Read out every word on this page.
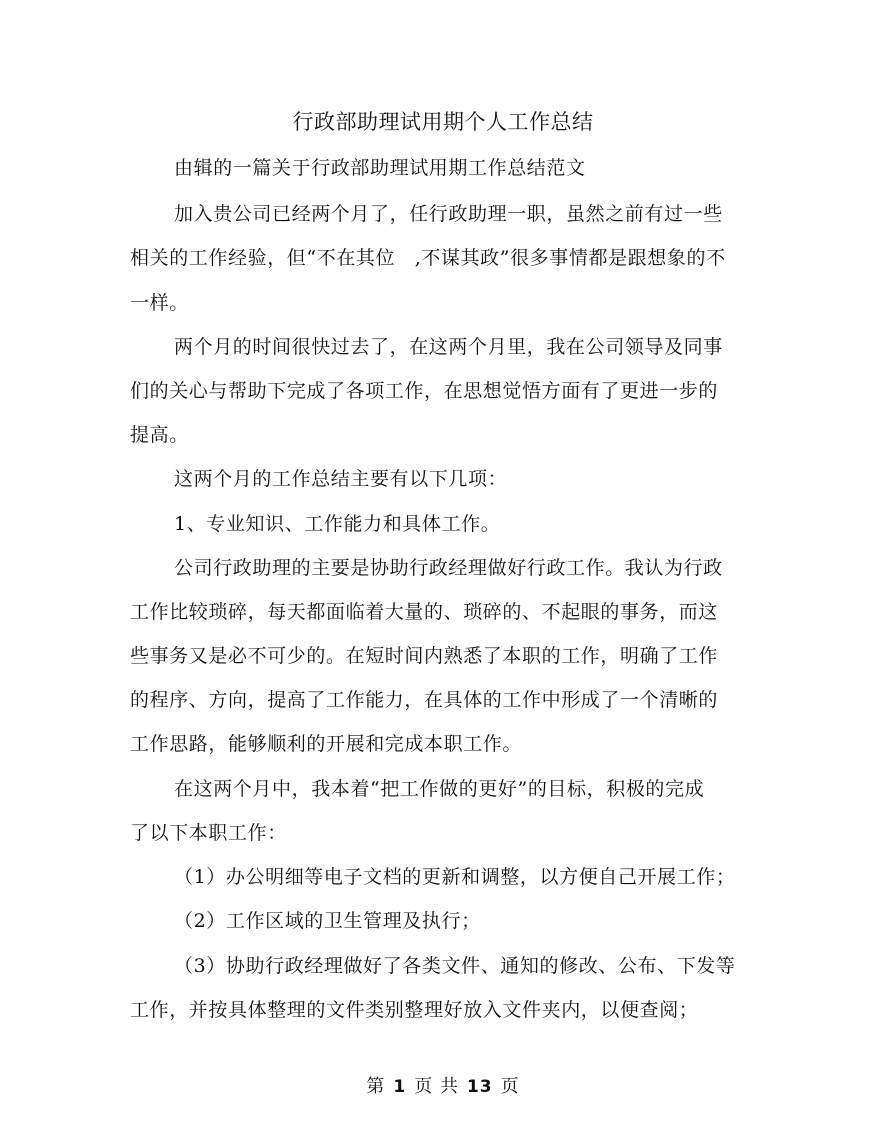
行政部助理试用期个人工作总结
由辑的一篇关于行政部助理试用期工作总结范文
加入贵公司已经两个月了，任行政助理一职，虽然之前有过一些
相关的工作经验，但“不在其位　,不谋其政”很多事情都是跟想象的不
一样。
两个月的时间很快过去了，在这两个月里，我在公司领导及同事
们的关心与帮助下完成了各项工作，在思想觉悟方面有了更进一步的
提高。
这两个月的工作总结主要有以下几项：
1、专业知识、工作能力和具体工作。
公司行政助理的主要是协助行政经理做好行政工作。我认为行政
工作比较琐碎，每天都面临着大量的、琐碎的、不起眼的事务，而这
些事务又是必不可少的。在短时间内熟悉了本职的工作，明确了工作
的程序、方向，提高了工作能力，在具体的工作中形成了一个清晰的
工作思路，能够顺利的开展和完成本职工作。
在这两个月中，我本着“把工作做的更好”的目标，积极的完成
了以下本职工作：
（1）办公明细等电子文档的更新和调整，以方便自己开展工作；
（2）工作区域的卫生管理及执行；
（3）协助行政经理做好了各类文件、通知的修改、公布、下发等
工作，并按具体整理的文件类别整理好放入文件夹内，以便查阅；
第 1 页 共 13 页
